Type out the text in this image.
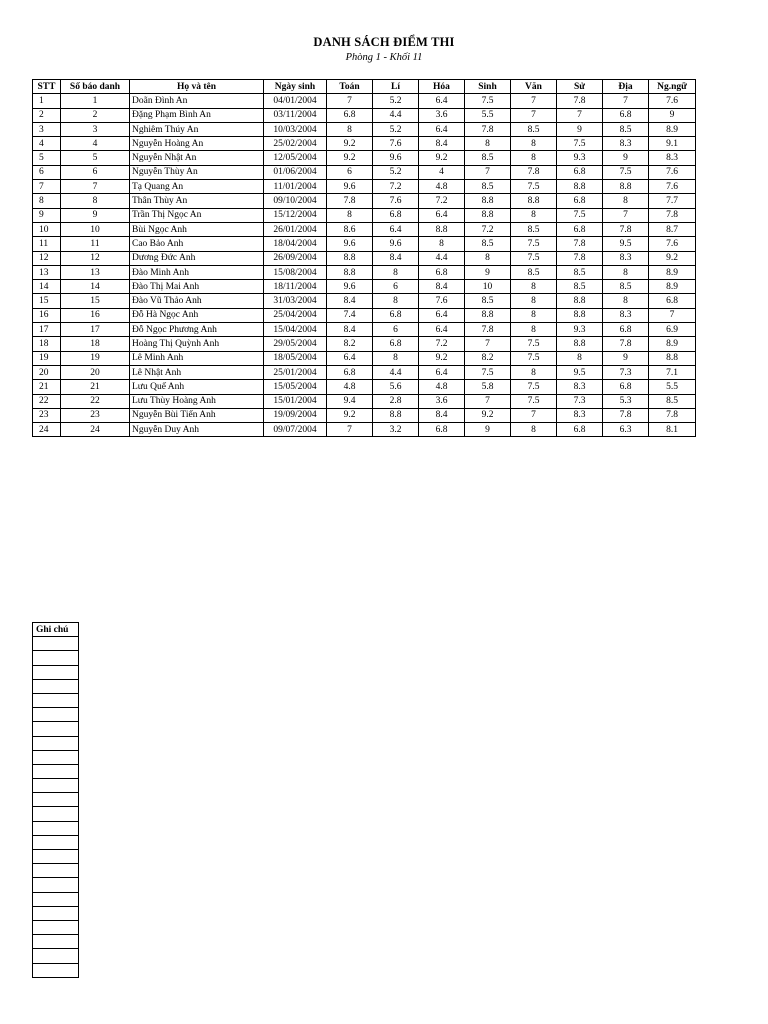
DANH SÁCH ĐIỂM THI
Phòng 1 - Khối 11
STT	Số báo danh	Họ và tên	Ngày sinh	Toán	Lí	Hóa	Sinh	Văn	Sử	Địa	Ng.ngữ
1	1	Doãn Đình An	04/01/2004	7	5.2	6.4	7.5	7	7.8	7	7.6
2	2	Đặng Phạm Bình An	03/11/2004	6.8	4.4	3.6	5.5	7	7	6.8	9
3	3	Nghiêm Thúy An	10/03/2004	8	5.2	6.4	7.8	8.5	9	8.5	8.9
4	4	Nguyễn Hoàng An	25/02/2004	9.2	7.6	8.4	8	8	7.5	8.3	9.1
5	5	Nguyễn Nhật An	12/05/2004	9.2	9.6	9.2	8.5	8	9.3	9	8.3
6	6	Nguyễn Thùy An	01/06/2004	6	5.2	4	7	7.8	6.8	7.5	7.6
7	7	Tạ Quang An	11/01/2004	9.6	7.2	4.8	8.5	7.5	8.8	8.8	7.6
8	8	Thân Thùy An	09/10/2004	7.8	7.6	7.2	8.8	8.8	6.8	8	7.7
9	9	Trần Thị Ngọc An	15/12/2004	8	6.8	6.4	8.8	8	7.5	7	7.8
10	10	Bùi Ngọc Anh	26/01/2004	8.6	6.4	8.8	7.2	8.5	6.8	7.8	8.7
11	11	Cao Bảo Anh	18/04/2004	9.6	9.6	8	8.5	7.5	7.8	9.5	7.6
12	12	Dương Đức Anh	26/09/2004	8.8	8.4	4.4	8	7.5	7.8	8.3	9.2
13	13	Đào Minh Anh	15/08/2004	8.8	8	6.8	9	8.5	8.5	8	8.9
14	14	Đào Thị Mai Anh	18/11/2004	9.6	6	8.4	10	8	8.5	8.5	8.9
15	15	Đào Vũ Thảo Anh	31/03/2004	8.4	8	7.6	8.5	8	8.8	8	6.8
16	16	Đỗ Hà Ngọc Anh	25/04/2004	7.4	6.8	6.4	8.8	8	8.8	8.3	7
17	17	Đỗ Ngọc Phương Anh	15/04/2004	8.4	6	6.4	7.8	8	9.3	6.8	6.9
18	18	Hoàng Thị Quỳnh Anh	29/05/2004	8.2	6.8	7.2	7	7.5	8.8	7.8	8.9
19	19	Lê Minh Anh	18/05/2004	6.4	8	9.2	8.2	7.5	8	9	8.8
20	20	Lê Nhật Anh	25/01/2004	6.8	4.4	6.4	7.5	8	9.5	7.3	7.1
21	21	Lưu Quế Anh	15/05/2004	4.8	5.6	4.8	5.8	7.5	8.3	6.8	5.5
22	22	Lưu Thùy Hoàng Anh	15/01/2004	9.4	2.8	3.6	7	7.5	7.3	5.3	8.5
23	23	Nguyễn Bùi Tiến Anh	19/09/2004	9.2	8.8	8.4	9.2	7	8.3	7.8	7.8
24	24	Nguyễn Duy Anh	09/07/2004	7	3.2	6.8	9	8	6.8	6.3	8.1
Ghi chú
